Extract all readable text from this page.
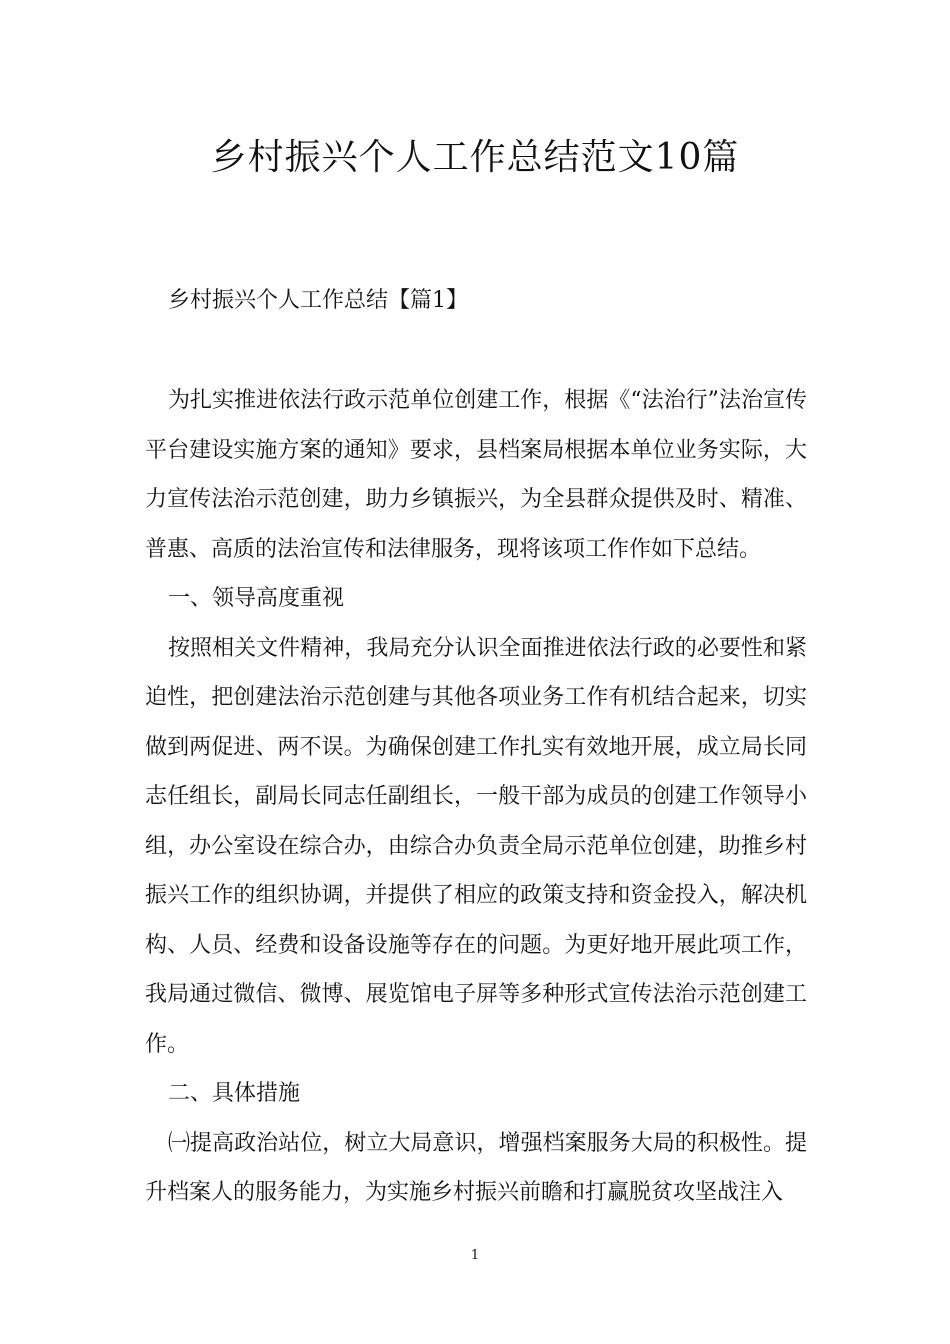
乡村振兴个人工作总结范文10篇
乡村振兴个人工作总结【篇1】

为扎实推进依法行政示范单位创建工作，根据《“法治行”法治宣传平台建设实施方案的通知》要求，县档案局根据本单位业务实际，大力宣传法治示范创建，助力乡镇振兴，为全县群众提供及时、精准、普惠、高质的法治宣传和法律服务，现将该项工作作如下总结。

一、领导高度重视

按照相关文件精神，我局充分认识全面推进依法行政的必要性和紧迫性，把创建法治示范创建与其他各项业务工作有机结合起来，切实做到两促进、两不误。为确保创建工作扎实有效地开展，成立局长同志任组长，副局长同志任副组长，一般干部为成员的创建工作领导小组，办公室设在综合办，由综合办负责全局示范单位创建，助推乡村振兴工作的组织协调，并提供了相应的政策支持和资金投入，解决机构、人员、经费和设备设施等存在的问题。为更好地开展此项工作，我局通过微信、微博、展览馆电子屏等多种形式宣传法治示范创建工作。

二、具体措施

㈠提高政治站位，树立大局意识，增强档案服务大局的积极性。提升档案人的服务能力，为实施乡村振兴前瞻和打赢脱贫攻坚战注入

1
